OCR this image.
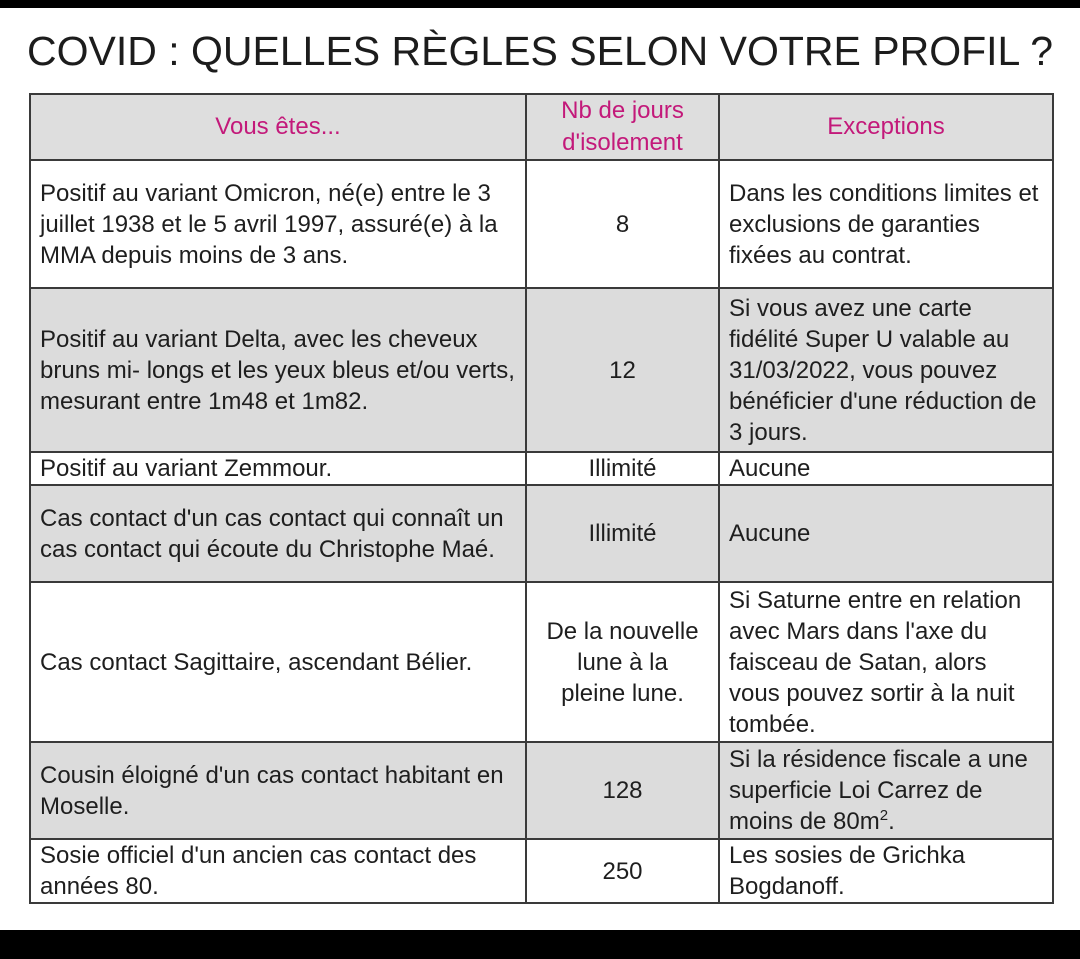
COVID : QUELLES RÈGLES SELON VOTRE PROFIL ?
Vous êtes...	Nb de jours d'isolement	Exceptions
Positif au variant Omicron, né(e) entre le 3 juillet 1938 et le 5 avril 1997, assuré(e) à la MMA depuis moins de 3 ans.	8	Dans les conditions limites et exclusions de garanties fixées au contrat.
Positif au variant Delta, avec les cheveux bruns mi- longs et les yeux bleus et/ou verts, mesurant entre 1m48 et 1m82.	12	Si vous avez une carte fidélité Super U valable au 31/03/2022, vous pouvez bénéficier d'une réduction de 3 jours.
Positif au variant Zemmour.	Illimité	Aucune
Cas contact d'un cas contact qui connaît un cas contact qui écoute du Christophe Maé.	Illimité	Aucune
Cas contact Sagittaire, ascendant Bélier.	De la nouvelle lune à la pleine lune.	Si Saturne entre en relation avec Mars dans l'axe du faisceau de Satan, alors vous pouvez sortir à la nuit tombée.
Cousin éloigné d'un cas contact habitant en Moselle.	128	Si la résidence fiscale a une superficie Loi Carrez de moins de $80m^2$.
Sosie officiel d'un ancien cas contact des années 80.	250	Les sosies de Grichka Bogdanoff.
